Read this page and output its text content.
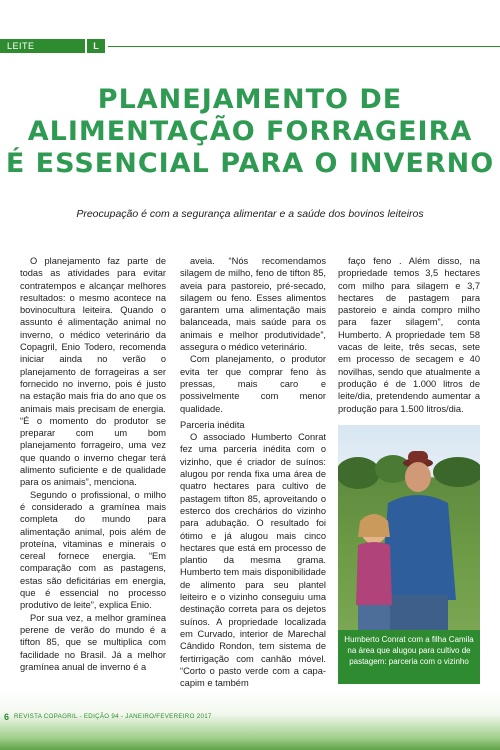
LEITE	L
PLANEJAMENTO DE
ALIMENTAÇÃO FORRAGEIRA
É ESSENCIAL PARA O INVERNO
Preocupação é com a segurança alimentar e a saúde dos bovinos leiteiros

O planejamento faz parte de todas as atividades para evitar contratempos e alcançar melhores resultados: o mesmo acontece na bovinocultura leiteira. Quando o assunto é alimentação animal no inverno, o médico veterinário da Copagril, Enio Todero, recomenda iniciar ainda no verão o planejamento de forrageiras a ser fornecido no inverno, pois é justo na estação mais fria do ano que os animais mais precisam de energia. “É o momento do produtor se preparar com um bom planejamento forrageiro, uma vez que quando o inverno chegar terá alimento suficiente e de qualidade para os animais”, menciona.

Segundo o profissional, o milho é considerado a gramínea mais completa do mundo para alimentação animal, pois além de proteína, vitaminas e minerais o cereal fornece energia. “Em comparação com as pastagens, estas são deficitárias em energia, que é essencial no processo produtivo de leite”, explica Enio.

Por sua vez, a melhor gramínea perene de verão do mundo é a tifton 85, que se multiplica com facilidade no Brasil. Já a melhor gramínea anual de inverno é a

aveia. “Nós recomendamos silagem de milho, feno de tifton 85, aveia para pastoreio, pré-secado, silagem ou feno. Esses alimentos garantem uma alimentação mais balanceada, mais saúde para os animais e melhor produtividade”, assegura o médico veterinário.

Com planejamento, o produtor evita ter que comprar feno às pressas, mais caro e possivelmente com menor qualidade.

Parceria inédita

O associado Humberto Conrat fez uma parceria inédita com o vizinho, que é criador de suínos: alugou por renda fixa uma área de quatro hectares para cultivo de pastagem tifton 85, aproveitando o esterco dos crechários do vizinho para adubação. O resultado foi ótimo e já alugou mais cinco hectares que está em processo de plantio da mesma grama. Humberto tem mais disponibilidade de alimento para seu plantel leiteiro e o vizinho conseguiu uma destinação correta para os dejetos suínos. A propriedade localizada em Curvado, interior de Marechal Cândido Rondon, tem sistema de fertirrigação com canhão móvel. “Corto o pasto verde com a capa-capim e também

faço feno . Além disso, na propriedade temos 3,5 hectares com milho para silagem e 3,7 hectares de pastagem para pastoreio e ainda compro milho para fazer silagem”, conta Humberto. A propriedade tem 58 vacas de leite, três secas, sete em processo de secagem e 40 novilhas, sendo que atualmente a produção é de 1.000 litros de leite/dia, pretendendo aumentar a produção para 1.500 litros/dia.

Humberto Conrat com a filha Camila na área que alugou para cultivo de pastagem: parceria com o vizinho
6 REVISTA COPAGRIL - EDIÇÃO 94 - JANEIRO/FEVEREIRO 2017
